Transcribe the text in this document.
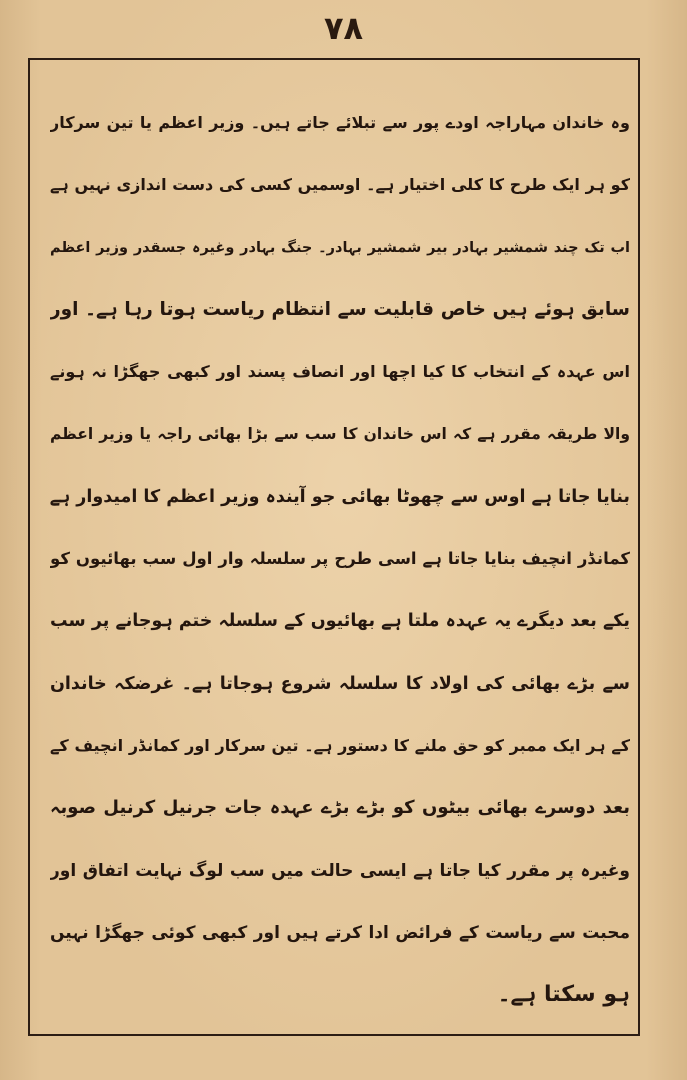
۷۸
وہ خاندان مہاراجہ اودے پور سے تبلائے جاتے ہیں۔ وزیر اعظم یا تین سرکار
کو ہر ایک طرح کا کلی اختیار ہے۔ اوسمیں کسی کی دست اندازی نہیں ہے
اب تک چند شمشیر بہادر بیر شمشیر بہادر۔ جنگ بہادر وغیرہ جسقدر وزیر اعظم
سابق ہوئے ہیں خاص قابلیت سے انتظام ریاست ہوتا رہا ہے۔ اور
اس عہدہ کے انتخاب کا کیا اچھا اور انصاف پسند اور کبھی جھگڑا نہ ہونے
والا طریقہ مقرر ہے کہ اس خاندان کا سب سے بڑا بھائی راجہ یا وزیر اعظم
بنایا جاتا ہے اوس سے چھوٹا بھائی جو آیندہ وزیر اعظم کا امیدوار ہے
کمانڈر انچیف بنایا جاتا ہے اسی طرح پر سلسلہ وار اول سب بھائیوں کو
یکے بعد دیگرے یہ عہدہ ملتا ہے بھائیوں کے سلسلہ ختم ہوجانے پر سب
سے بڑے بھائی کی اولاد کا سلسلہ شروع ہوجاتا ہے۔ غرضکہ خاندان
کے ہر ایک ممبر کو حق ملنے کا دستور ہے۔ تین سرکار اور کمانڈر انچیف کے
بعد دوسرے بھائی بیٹوں کو بڑے بڑے عہدہ جات جرنیل کرنیل صوبہ
وغیرہ پر مقرر کیا جاتا ہے ایسی حالت میں سب لوگ نہایت اتفاق اور
محبت سے ریاست کے فرائض ادا کرتے ہیں اور کبھی کوئی جھگڑا نہیں
ہو سکتا ہے۔
